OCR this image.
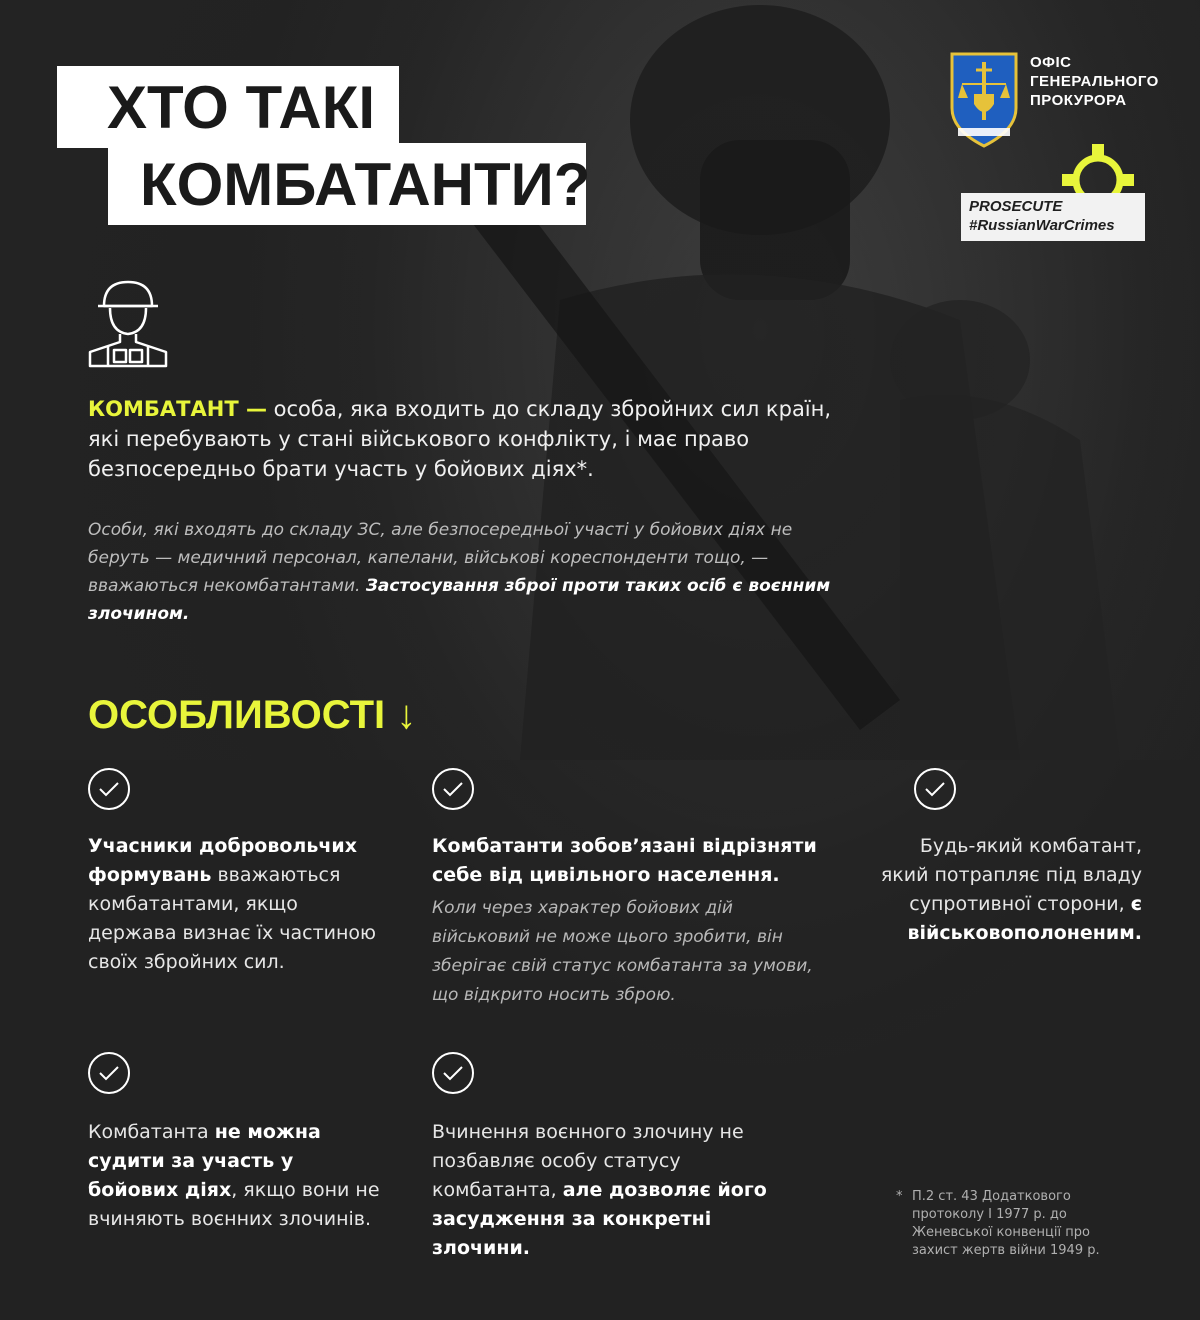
ХТО ТАКІ
КОМБАТАНТИ?
ОФІС
ГЕНЕРАЛЬНОГО
ПРОКУРОРА
PROSECUTE
#RussianWarCrimes
КОМБАТАНТ — особа, яка входить до складу збройних сил країн, які перебувають у стані військового конфлікту, і має право безпосередньо брати участь у бойових діях*.
Особи, які входять до складу ЗС, але безпосередньої участі у бойових діях не беруть — медичний персонал, капелани, військові кореспонденти тощо, — вважаються некомбатантами. Застосування зброї проти таких осіб є воєнним злочином.
ОСОБЛИВОСТІ ↓
Учасники добровольчих формувань вважаються комбатантами, якщо держава визнає їх частиною своїх збройних сил.
Комбатанти зобов’язані відрізняти себе від цивільного населення.
Коли через характер бойових дій військовий не може цього зробити, він зберігає свій статус комбатанта за умови, що відкрито носить зброю.
Будь-який комбатант, який потрапляє під владу супротивної сторони, є військовополоненим.
Комбатанта не можна судити за участь у бойових діях, якщо вони не вчиняють воєнних злочинів.
Вчинення воєнного злочину не позбавляє особу статусу комбатанта, але дозволяє його засудження за конкретні злочини.
* П.2 ст. 43 Додаткового протоколу I 1977 р. до Женевської конвенції про захист жертв війни 1949 р.
